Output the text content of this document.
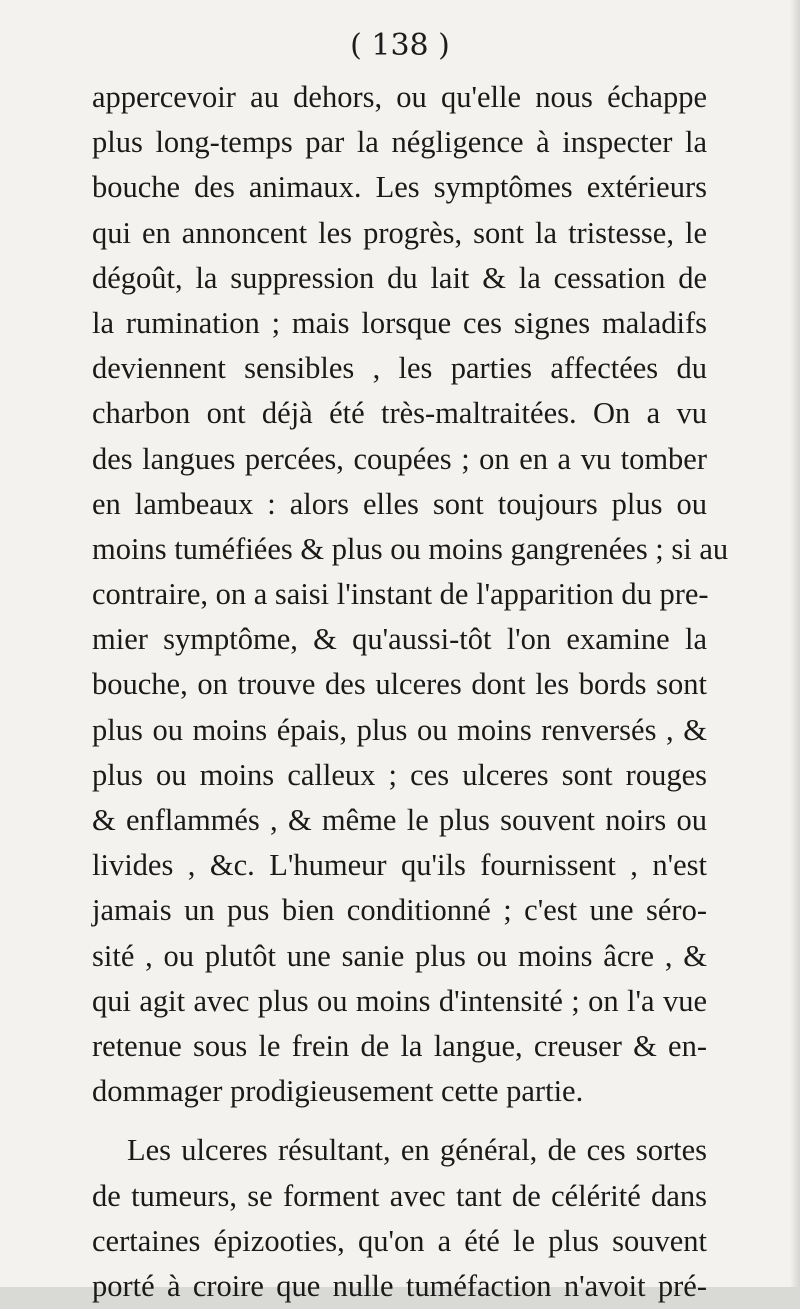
( 138 )
appercevoir au dehors, ou qu'elle nous échappe
plus long-temps par la négligence à inspecter la
bouche des animaux. Les symptômes extérieurs
qui en annoncent les progrès, sont la tristesse, le
dégoût, la suppression du lait & la cessation de
la rumination ; mais lorsque ces signes maladifs
deviennent sensibles , les parties affectées du
charbon ont déjà été très-maltraitées. On a vu
des langues percées, coupées ; on en a vu tomber
en lambeaux : alors elles sont toujours plus ou
moins tuméfiées & plus ou moins gangrenées ; si au
contraire, on a saisi l'instant de l'apparition du pre-
mier symptôme, & qu'aussi-tôt l'on examine la
bouche, on trouve des ulceres dont les bords sont
plus ou moins épais, plus ou moins renversés , &
plus ou moins calleux ; ces ulceres sont rouges
& enflammés , & même le plus souvent noirs ou
livides , &c. L'humeur qu'ils fournissent , n'est
jamais un pus bien conditionné ; c'est une séro-
sité , ou plutôt une sanie plus ou moins âcre , &
qui agit avec plus ou moins d'intensité ; on l'a vue
retenue sous le frein de la langue, creuser & en-
dommager prodigieusement cette partie.
Les ulceres résultant, en général, de ces sortes
de tumeurs, se forment avec tant de célérité dans
certaines épizooties, qu'on a été le plus souvent
porté à croire que nulle tuméfaction n'avoit pré-
